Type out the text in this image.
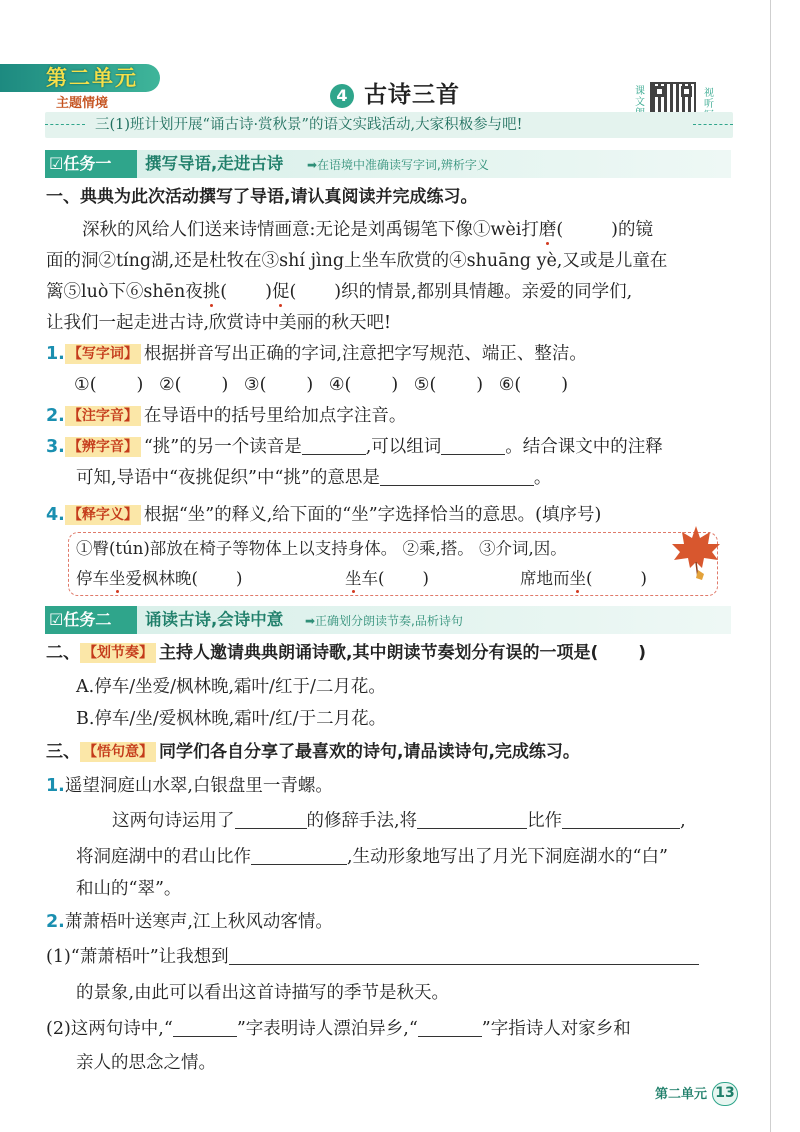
第二单元
主题情境	4 古诗三首	课文
视听
三(1)班计划开展“诵古诗·赏秋景”的语文实践活动,大家积极参与吧!
☑任务一	撰写导语,走进古诗 ➡在语境中准确读写字词,辨析字义
一、典典为此次活动撰写了导语,请认真阅读并完成练习。
深秋的风给人们送来诗情画意:无论是刘禹锡笔下像①wèi打磨(	)的镜
面的洞②tíng湖,还是杜牧在③shí jìng上坐车欣赏的④shuāng yè,又或是儿童在
篱⑤luò下⑥shēn夜挑( )促( )织的情景,都别具情趣。亲爱的同学们,
让我们一起走进古诗,欣赏诗中美丽的秋天吧!
1. 【写字词】 根据拼音写出正确的字词,注意把字写规范、端正、整洁。
①( ) ②( ) ③( ) ④( ) ⑤( ) ⑥( )
2. 【注字音】 在导语中的括号里给加点字注音。
3. 【辨字音】 “挑”的另一个读音是	,可以组词	。结合课文中的注释
可知,导语中“夜挑促织”中“挑”的意思是	。
4. 【释字义】 根据“坐”的释义,给下面的“坐”字选择恰当的意思。(填序号)
①臀(tún)部放在椅子等物体上以支持身体。 ②乘,搭。 ③介词,因。
停车坐爱枫林晚( )	坐车( )	席地而坐(	)
☑任务二	诵读古诗,会诗中意 ➡正确划分朗读节奏,品析诗句
二、 【划节奏】 主持人邀请典典朗诵诗歌,其中朗读节奏划分有误的一项是( )
A.停车/坐爱/枫林晚,霜叶/红于/二月花。
B.停车/坐/爱枫林晚,霜叶/红/于二月花。
三、 【悟句意】 同学们各自分享了最喜欢的诗句,请品读诗句,完成练习。
1.遥望洞庭山水翠,白银盘里一青螺。
这两句诗运用了	的修辞手法,将	比作	,
将洞庭湖中的君山比作	,生动形象地写出了月光下洞庭湖水的“白”
和山的“翠”。
2.萧萧梧叶送寒声,江上秋风动客情。
(1)“萧萧梧叶”让我想到
的景象,由此可以看出这首诗描写的季节是秋天。
(2)这两句诗中,“	”字表明诗人漂泊异乡,“	”字指诗人对家乡和
亲人的思念之情。
第二单元 13
